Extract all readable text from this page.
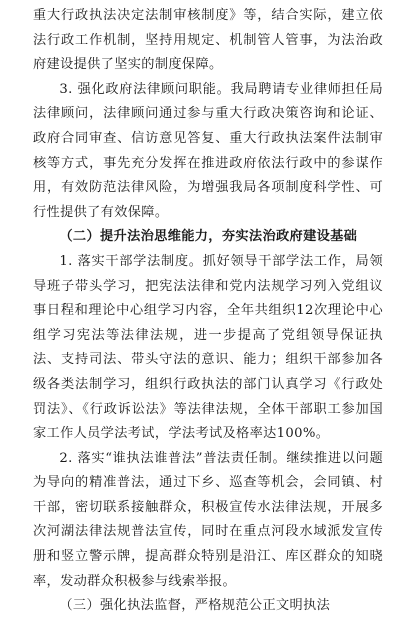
重大行政执法决定法制审核制度》等，结合实际，建立依法行政工作机制，坚持用规定、机制管人管事，为法治政府建设提供了坚实的制度保障。

3. 强化政府法律顾问职能。我局聘请专业律师担任局法律顾问，法律顾问通过参与重大行政决策咨询和论证、政府合同审查、信访意见答复、重大行政执法案件法制审核等方式，事先充分发挥在推进政府依法行政中的参谋作用，有效防范法律风险，为增强我局各项制度科学性、可行性提供了有效保障。

（二）提升法治思维能力，夯实法治政府建设基础

1. 落实干部学法制度。抓好领导干部学法工作，局领导班子带头学习，把宪法法律和党内法规学习列入党组议事日程和理论中心组学习内容，全年共组织12次理论中心组学习宪法等法律法规，进一步提高了党组领导保证执法、支持司法、带头守法的意识、能力；组织干部参加各级各类法制学习，组织行政执法的部门认真学习《行政处罚法》、《行政诉讼法》等法律法规，全体干部职工参加国家工作人员学法考试，学法考试及格率达100%。

2. 落实“谁执法谁普法”普法责任制。继续推进以问题为导向的精准普法，通过下乡、巡查等机会，会同镇、村干部，密切联系接触群众，积极宣传水法律法规，开展多次河湖法律法规普法宣传，同时在重点河段水域派发宣传册和竖立警示牌，提高群众特别是沿江、库区群众的知晓率，发动群众积极参与线索举报。

（三）强化执法监督，严格规范公正文明执法
